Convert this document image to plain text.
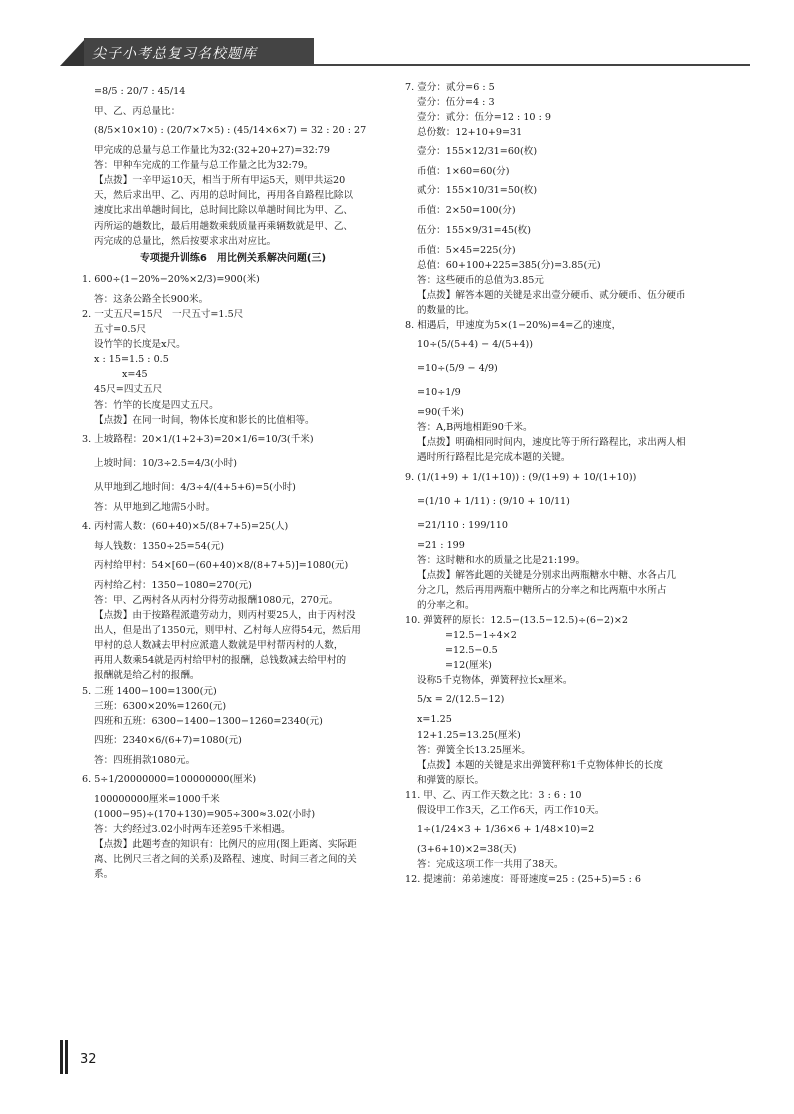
尖子小考总复习名校题库
=8/5 : 20/7 : 45/14
甲、乙、丙总量比：
(8/5×10×10) : (20/7×7×5) : (45/14×6×7) = 32 : 20 : 27
甲完成的总量与总工作量比为32:(32+20+27)=32:79
答：甲种车完成的工作量与总工作量之比为32:79。
【点拨】一辛甲运10天，相当于所有甲运5天，则甲共运20
天，然后求出甲、乙、丙用的总时间比，再用各自路程比除以
速度比求出单趟时间比，总时间比除以单趟时间比为甲、乙、
丙所运的趟数比，最后用趟数乘载质量再乘辆数就是甲、乙、
丙完成的总量比，然后按要求求出对应比。
专项提升训练6　用比例关系解决问题(三)
1. 600÷(1−20%−20%×2/3)=900(米)
答：这条公路全长900米。
2. 一丈五尺=15尺　一尺五寸=1.5尺
五寸=0.5尺
设竹竿的长度是x尺。
x : 15=1.5 : 0.5
x=45
45尺=四丈五尺
答：竹竿的长度是四丈五尺。
【点拨】在同一时间，物体长度和影长的比值相等。
3. 上坡路程：20×1/(1+2+3)=20×1/6=10/3(千米)
上坡时间：10/3÷2.5=4/3(小时)
从甲地到乙地时间：4/3÷4/(4+5+6)=5(小时)
答：从甲地到乙地需5小时。
4. 丙村需人数：(60+40)×5/(8+7+5)=25(人)
每人钱数：1350÷25=54(元)
丙村给甲村：54×[60−(60+40)×8/(8+7+5)]=1080(元)
丙村给乙村：1350−1080=270(元)
答：甲、乙两村各从丙村分得劳动报酬1080元，270元。
【点拨】由于按路程派遣劳动力，则丙村要25人，由于丙村没
出人，但是出了1350元，则甲村、乙村每人应得54元，然后用
甲村的总人数减去甲村应派遣人数就是甲村帮丙村的人数，
再用人数乘54就是丙村给甲村的报酬，总钱数减去给甲村的
报酬就是给乙村的报酬。
5. 二班 1400−100=1300(元)
三班：6300×20%=1260(元)
四班和五班：6300−1400−1300−1260=2340(元)
四班：2340×6/(6+7)=1080(元)
答：四班捐款1080元。
6. 5÷1/20000000=100000000(厘米)
100000000厘米=1000千米
(1000−95)÷(170+130)=905÷300≈3.02(小时)
答：大约经过3.02小时两车还差95千米相遇。
【点拨】此题考查的知识有：比例尺的应用(图上距离、实际距
离、比例尺三者之间的关系)及路程、速度、时间三者之间的关
系。
7. 壹分：贰分=6 : 5
壹分：伍分=4 : 3
壹分：贰分：伍分=12 : 10 : 9
总份数：12+10+9=31
壹分：155×12/31=60(枚)
币值：1×60=60(分)
贰分：155×10/31=50(枚)
币值：2×50=100(分)
伍分：155×9/31=45(枚)
币值：5×45=225(分)
总值：60+100+225=385(分)=3.85(元)
答：这些硬币的总值为3.85元
【点拨】解答本题的关键是求出壹分硬币、贰分硬币、伍分硬币
的数量的比。
8. 相遇后，甲速度为5×(1−20%)=4=乙的速度，
10÷(5/(5+4) − 4/(5+4))
=10÷(5/9 − 4/9)
=10÷1/9
=90(千米)
答：A,B两地相距90千米。
【点拨】明确相同时间内，速度比等于所行路程比，求出两人相
遇时所行路程比是完成本题的关键。
9. (1/(1+9) + 1/(1+10)) : (9/(1+9) + 10/(1+10))
=(1/10 + 1/11) : (9/10 + 10/11)
=21/110 : 199/110
=21 : 199
答：这时糖和水的质量之比是21:199。
【点拨】解答此题的关键是分别求出两瓶糖水中糖、水各占几
分之几，然后再用两瓶中糖所占的分率之和比两瓶中水所占
的分率之和。
10. 弹簧秤的原长：12.5−(13.5−12.5)÷(6−2)×2
=12.5−1÷4×2
=12.5−0.5
=12(厘米)
设称5千克物体，弹簧秤拉长x厘米。
5/x = 2/(12.5−12)
x=1.25
12+1.25=13.25(厘米)
答：弹簧全长13.25厘米。
【点拨】本题的关键是求出弹簧秤称1千克物体伸长的长度
和弹簧的原长。
11. 甲、乙、丙工作天数之比：3 : 6 : 10
假设甲工作3天，乙工作6天，丙工作10天。
1÷(1/24×3 + 1/36×6 + 1/48×10)=2
(3+6+10)×2=38(天)
答：完成这项工作一共用了38天。
12. 提速前：弟弟速度：哥哥速度=25 : (25+5)=5 : 6
32
